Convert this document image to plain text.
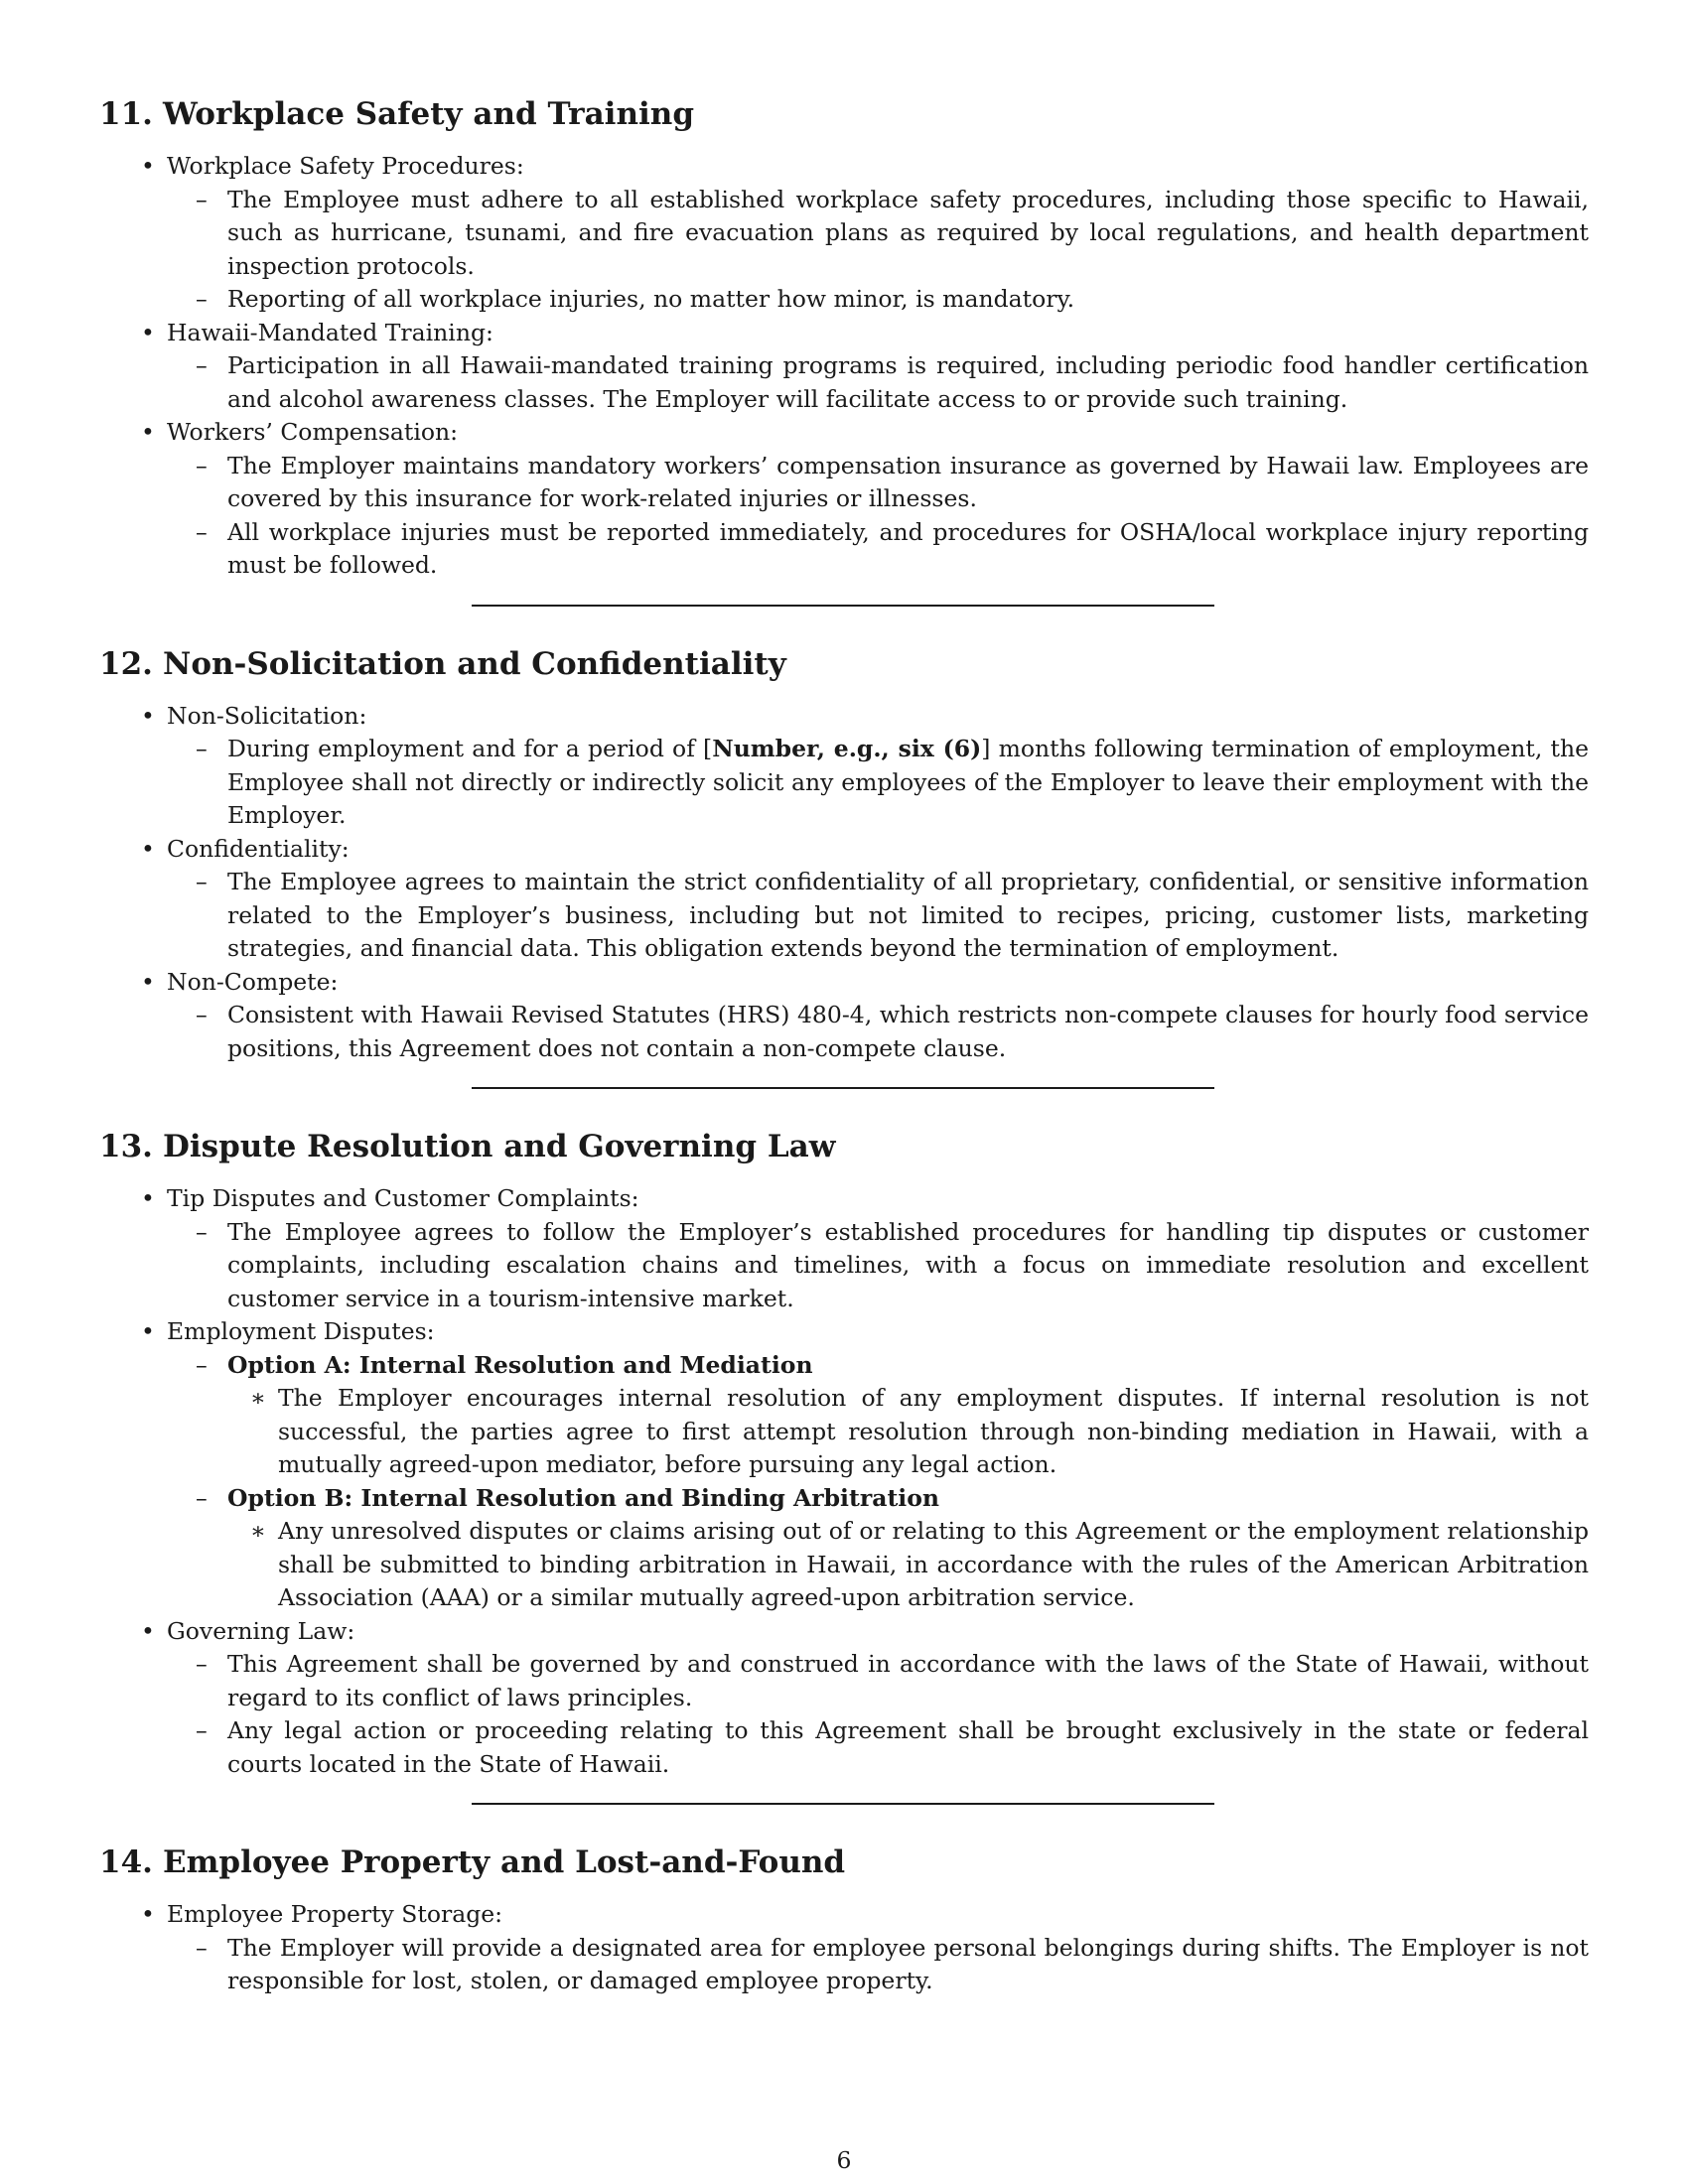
11. Workplace Safety and Training
• Workplace Safety Procedures:
– The Employee must adhere to all established workplace safety procedures, including those specific to Hawaii, such as hurricane, tsunami, and fire evacuation plans as required by local regulations, and health department inspection protocols.
– Reporting of all workplace injuries, no matter how minor, is mandatory.
• Hawaii-Mandated Training:
– Participation in all Hawaii-mandated training programs is required, including periodic food handler certification and alcohol awareness classes. The Employer will facilitate access to or provide such training.
• Workers’ Compensation:
– The Employer maintains mandatory workers’ compensation insurance as governed by Hawaii law. Employees are covered by this insurance for work-related injuries or illnesses.
– All workplace injuries must be reported immediately, and procedures for OSHA/local workplace injury reporting must be followed.
12. Non-Solicitation and Confidentiality
• Non-Solicitation:
– During employment and for a period of [Number, e.g., six (6)] months following termination of employment, the Employee shall not directly or indirectly solicit any employees of the Employer to leave their employment with the Employer.
• Confidentiality:
– The Employee agrees to maintain the strict confidentiality of all proprietary, confidential, or sensitive information related to the Employer’s business, including but not limited to recipes, pricing, customer lists, marketing strategies, and financial data. This obligation extends beyond the termination of employment.
• Non-Compete:
– Consistent with Hawaii Revised Statutes (HRS) 480-4, which restricts non-compete clauses for hourly food service positions, this Agreement does not contain a non-compete clause.
13. Dispute Resolution and Governing Law
• Tip Disputes and Customer Complaints:
– The Employee agrees to follow the Employer’s established procedures for handling tip disputes or customer complaints, including escalation chains and timelines, with a focus on immediate resolution and excellent customer service in a tourism-intensive market.
• Employment Disputes:
– Option A: Internal Resolution and Mediation
∗ The Employer encourages internal resolution of any employment disputes. If internal resolution is not successful, the parties agree to first attempt resolution through non-binding mediation in Hawaii, with a mutually agreed-upon mediator, before pursuing any legal action.
– Option B: Internal Resolution and Binding Arbitration
∗ Any unresolved disputes or claims arising out of or relating to this Agreement or the employment relationship shall be submitted to binding arbitration in Hawaii, in accordance with the rules of the American Arbitration Association (AAA) or a similar mutually agreed-upon arbitration service.
• Governing Law:
– This Agreement shall be governed by and construed in accordance with the laws of the State of Hawaii, without regard to its conflict of laws principles.
– Any legal action or proceeding relating to this Agreement shall be brought exclusively in the state or federal courts located in the State of Hawaii.
14. Employee Property and Lost-and-Found
• Employee Property Storage:
– The Employer will provide a designated area for employee personal belongings during shifts. The Employer is not responsible for lost, stolen, or damaged employee property.
6
